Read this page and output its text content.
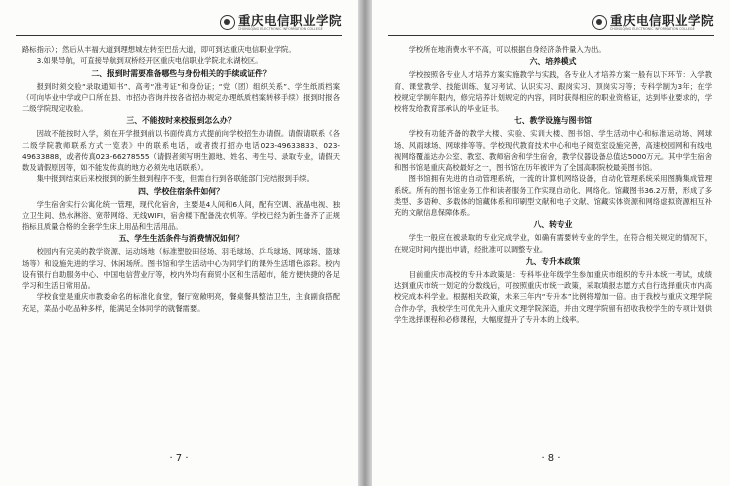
重庆电信职业学院
CHONGQING ELECTRONIC INFORMATION COLLEGE

路标指示）；然后从丰福大道到理想城左转至巴岳大道，即可到达重庆电信职业学院。

3.如果导航，可直接导航到双桥经开区重庆电信职业学院北永湖校区。

二、报到时需要准备哪些与身份相关的手续或证件？

报到时须交验“录取通知书”、高考“准考证”和身份证；“党（团）组织关系”、学生纸质档案（可向毕业中学或户口所在县、市招办咨询并按各省招办规定办理纸质档案转移手续）报到时报各二级学院现定收验。

三、不能按时来校报到怎么办？

因故不能按时入学，须在开学报到前以书面传真方式提前向学校招生办请假。请假请联系《各二级学院教师联系方式一览表》中的联系电话，或者拨打招办电话023-49633833、023-49633888，或者传真023-66278555（请假者须写明生源地、姓名、考生号、录取专业，请假天数及请假原因等，如不能发传真的地方必须先电话联系）。

集中报到结束后来校报到的新生报到程序不变，但需自行到各联能部门完结报到手续。

四、学校住宿条件如何？

学生宿舍实行公寓化统一管理，现代化宿舍，主要是4人间和6人间，配有空调、液晶电视、独立卫生间、热水淋浴、宽带网络、无线WIFI，宿舍楼下配备洗衣机等。学校已经为新生备齐了正规指标且质量合格的全套学生床上用品和生活用品。

五、学生生活条件与消费情况如何？

校园内有完美的教学资源、运动场地（标准塑胶田径场、羽毛球场、乒乓球场、网球场、篮球场等）和设施先进的学习、休闲场所。图书馆和学生活动中心为同学们的课外生活增色添彩。校内设有银行自助服务中心、中国电信营业厅等，校内外均有商贸小区和生活超市，能方便快捷的各足学习和生活日常用品。

学校食堂是重庆市教委命名的标准化食堂，餐厅宽敞明亮，餐桌餐具整洁卫生，主食副食搭配充足，菜品小吃品种多样，能满足全体同学的就餐需要。

· 7 ·
重庆电信职业学院
CHONGQING ELECTRONIC INFORMATION COLLEGE

学校所在地消费水平不高，可以根据自身经济条件量入为出。

六、培养模式

学校按照各专业人才培养方案实施教学与实践，各专业人才培养方案一般有以下环节：入学教育、课堂教学、技能训练、复习考试、认识实习、跟岗实习、顶岗实习等；专科学制为3年；在学校规定学制年限内，修完培养计划规定的内容，同时获得相应的职业资格证，达到毕业要求的，学校将发给教育部承认的毕业证书。

七、教学设施与图书馆

学校有功能齐备的教学大楼、实验、实训大楼、图书馆、学生活动中心和标准运动场、网球场、风雨球场、网球排等等。学校现代教育技术中心和电子阅览室设施完善，高速校园网和有线电视网络覆盖达办公室、教室、教师宿舍和学生宿舍，教学仪器设备总值达5000万元。其中学生宿舍和图书馆是重庆高校最好之一，图书馆在历年被评为了全国高职院校最美图书馆。

图书馆拥有先进的自动管理系统，一流的计算机网络设备，自动化管理系统采用图腾集成管理系统。所有的图书馆业务工作和读者服务工作实现自动化、网络化。馆藏图书36.2万册，形成了多类型、多语种、多载体的馆藏体系和印刷型文献和电子文献、馆藏实体资源和网络虚拟资源相互补充的文献信息保障体系。

八、转专业

学生一般应在被录取的专业完成学业，如确有需要转专业的学生，在符合相关规定的情况下，在规定时间内提出申请，经批准可以调整专业。

九、专升本政策

目前重庆市高校的专升本政策是：专科毕业年级学生参加重庆市组织的专升本统一考试，成绩达到重庆市统一划定的分数线后，可按照重庆市统一政策，采取填报志愿方式自行选择重庆市内高校完成本科学业。根据相关政策，未来三年内“专升本”比例将增加一倍。由于我校与重庆文理学院合作办学，我校学生可优先升入重庆文理学院深造，并由文理学院留有招收我校学生的专项计划供学生选择课程和必修课程，大幅度提升了专升本的上线率。

· 8 ·
